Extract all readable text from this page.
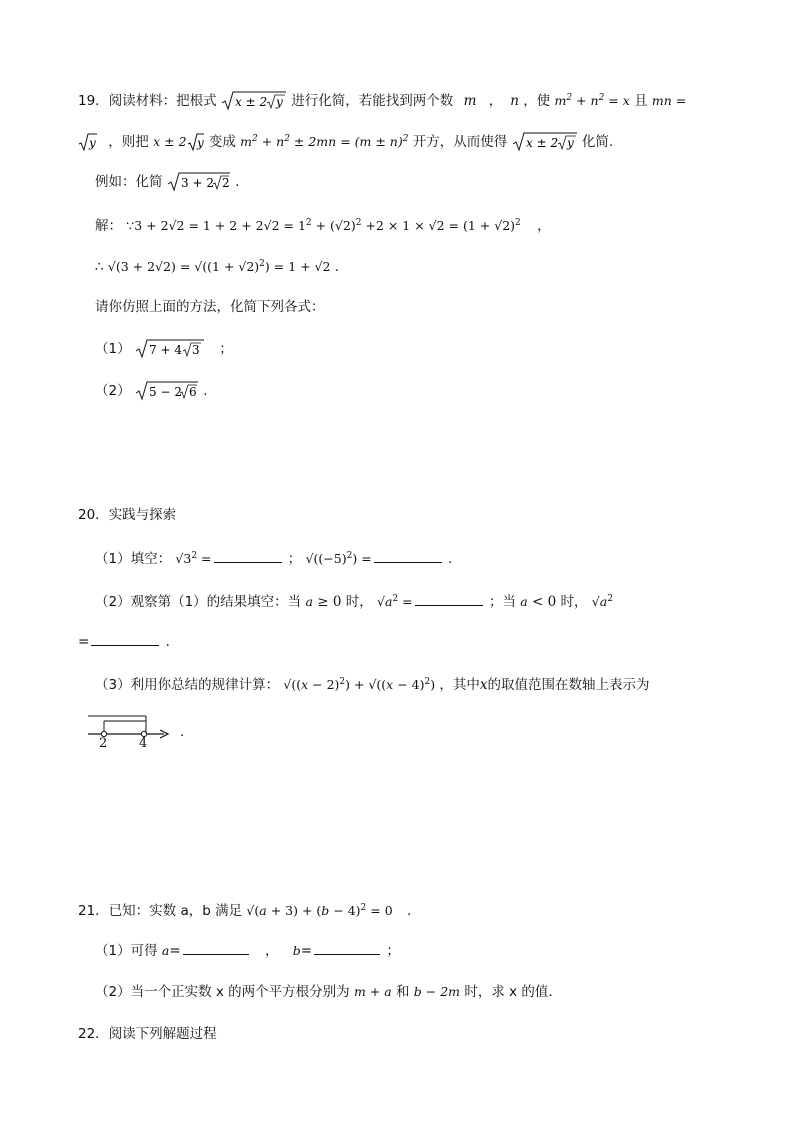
19．阅读材料：把根式 x ± 2 y 进行化简，若能找到两个数 m ， n ，使 $m^2 + n^2 = x$ 且 mn =
y ，则把 x ± 2 y 变成 $m^2 + n^2 \pm 2mn = (m \pm n)^2$ 开方，从而使得 x ± 2 y 化简.
例如：化简 3 + 2 2 .
解： ∵3 + $2√2 = 1 + 2 + 2√2 = 1^2 + (√2)^2 +2 \times 1 \times √2 = (1 + √2)^2$ ，
∴ $√(3 + 2√2) = √((1 + √2)^2) = 1 + √2$ .
请你仿照上面的方法，化简下列各式：
（1） 7 + 4 3 ；
（2） 5 − 2 6 .
20．实践与探索
（1）填空： $√3^2$ =	； $√((-5)^2)$ =	.
（2）观察第（1）的结果填空：当 a ≥ 0 时， $√a^2$ =	；当 a < 0 时， $√a^2$
=	.
（3）利用你总结的规律计算： $√((x - 2)^2) + √((x - 4)^2)$ ，其中x的取值范围在数轴上表示为
2 4
.
21．已知：实数 a，b 满足 $√(a + 3) + (b - 4)^2 = 0$ .
（1）可得 a=	， b=	；
（2）当一个正实数 x 的两个平方根分别为 m + a 和 b − 2m 时，求 x 的值．
22．阅读下列解题过程
